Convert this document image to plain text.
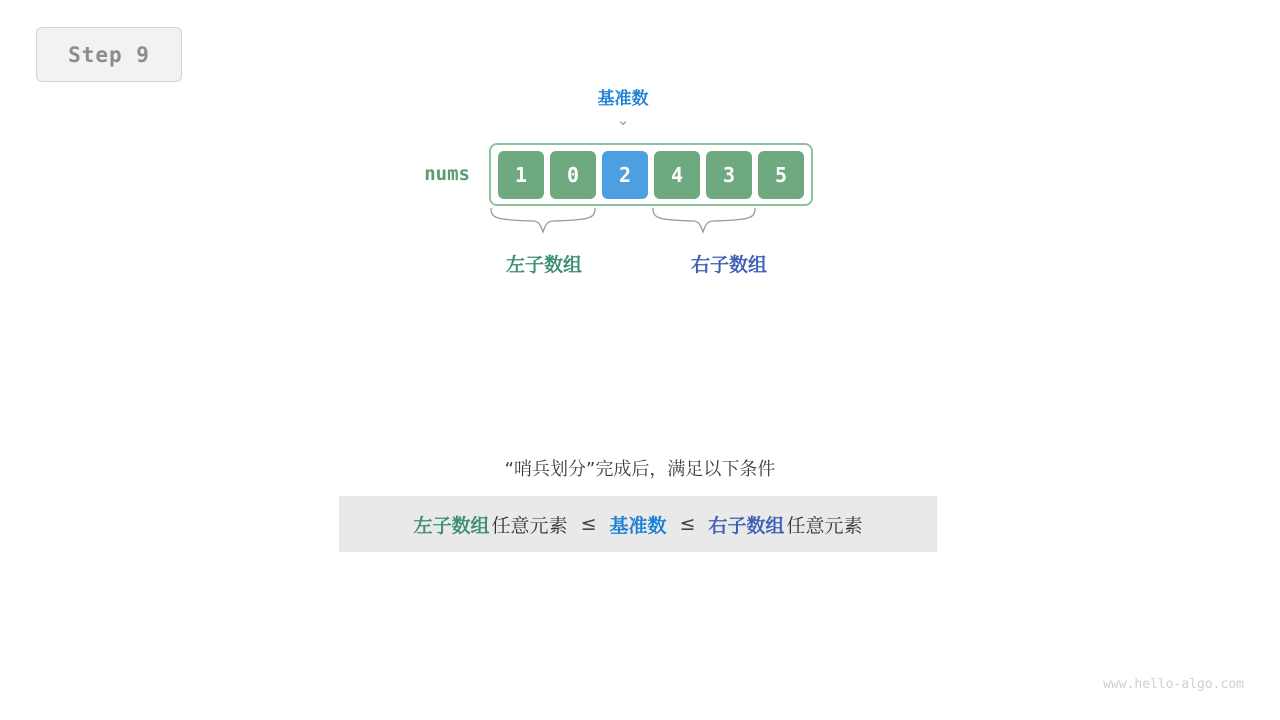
Step 9
基准数
⌄
nums	1	0	2	4	3	5
左子数组	右子数组
“哨兵划分”完成后，满足以下条件
左子数组 任意元素 ≤ 基准数 ≤ 右子数组 任意元素
www.hello-algo.com
